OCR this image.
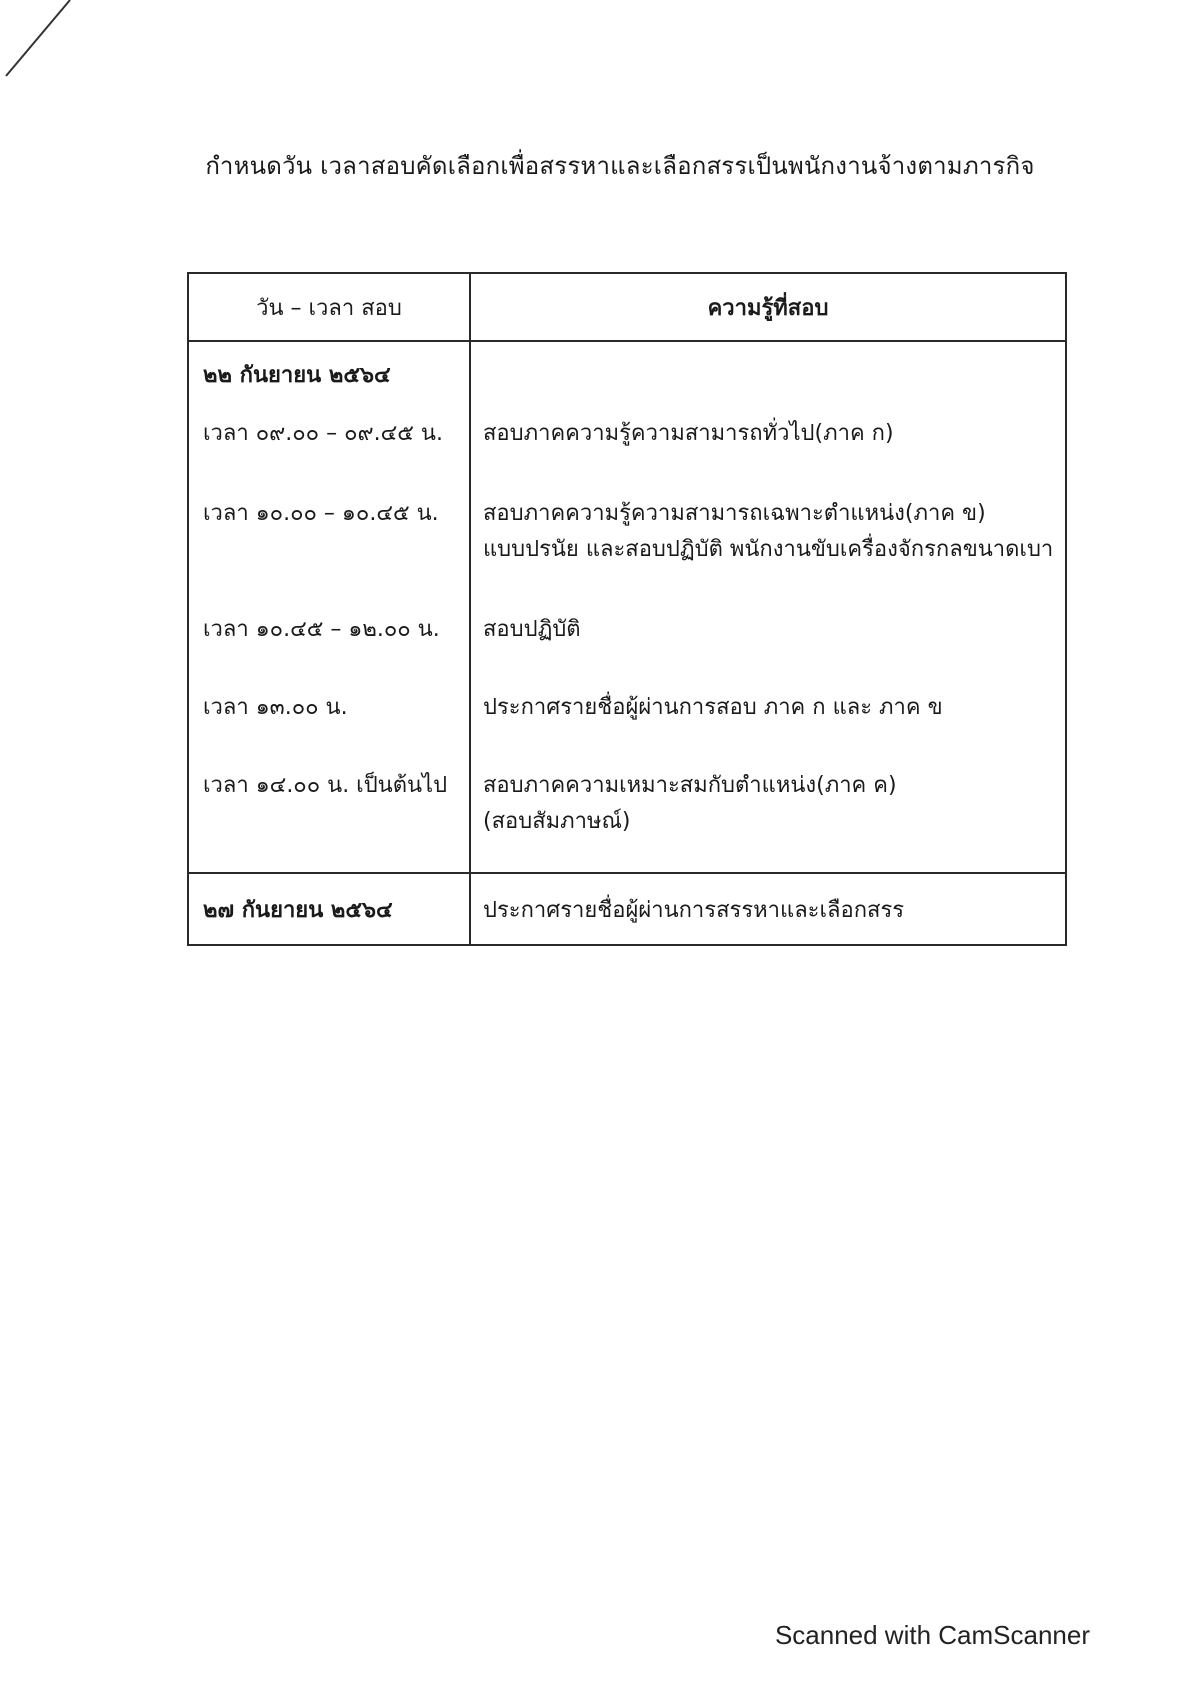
กำหนดวัน เวลาสอบคัดเลือกเพื่อสรรหาและเลือกสรรเป็นพนักงานจ้างตามภารกิจ
วัน – เวลา สอบ	ความรู้ที่สอบ
๒๒ กันยายน ๒๕๖๔
เวลา ๐๙.๐๐ – ๐๙.๔๕ น.
เวลา ๑๐.๐๐ – ๑๐.๔๕ น.
เวลา ๑๐.๔๕ – ๑๒.๐๐ น.
เวลา ๑๓.๐๐ น.
เวลา ๑๔.๐๐ น. เป็นต้นไป
สอบภาคความรู้ความสามารถทั่วไป(ภาค ก)
สอบภาคความรู้ความสามารถเฉพาะตำแหน่ง(ภาค ข)
แบบปรนัย และสอบปฏิบัติ พนักงานขับเครื่องจักรกลขนาดเบา
สอบปฏิบัติ
ประกาศรายชื่อผู้ผ่านการสอบ ภาค ก และ ภาค ข
สอบภาคความเหมาะสมกับตำแหน่ง(ภาค ค)
(สอบสัมภาษณ์)
๒๗ กันยายน ๒๕๖๔	ประกาศรายชื่อผู้ผ่านการสรรหาและเลือกสรร
Scanned with CamScanner
